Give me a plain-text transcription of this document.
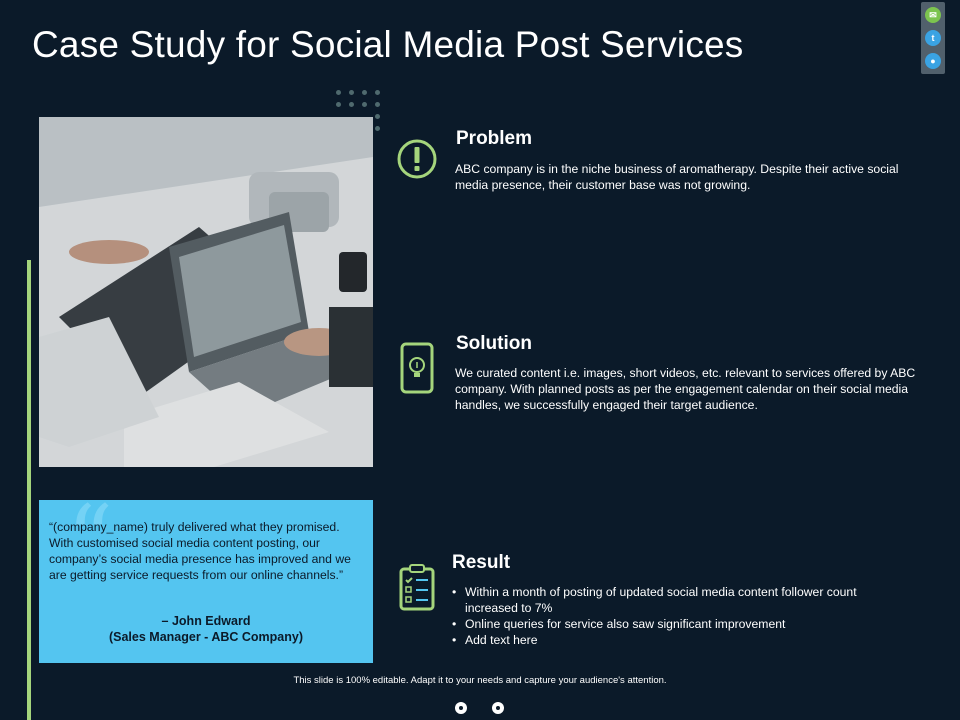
Case Study for Social Media Post Services
✉
t
●
“

“(company_name) truly delivered what they promised. With customised social media content posting, our company’s social media presence has improved and we are getting service requests from our online channels.”

– John Edward
(Sales Manager - ABC Company)
Problem

ABC company is in the niche business of aromatherapy. Despite their active social media presence, their customer base was not growing.

Solution

We curated content i.e. images, short videos, etc. relevant to services offered by ABC company. With planned posts as per the engagement calendar on their social media handles, we successfully engaged their target audience.

Result
• Within a month of posting of updated social media content follower count increased to 7%
• Online queries for service also saw significant improvement
• Add text here
This slide is 100% editable. Adapt it to your needs and capture your audience's attention.
